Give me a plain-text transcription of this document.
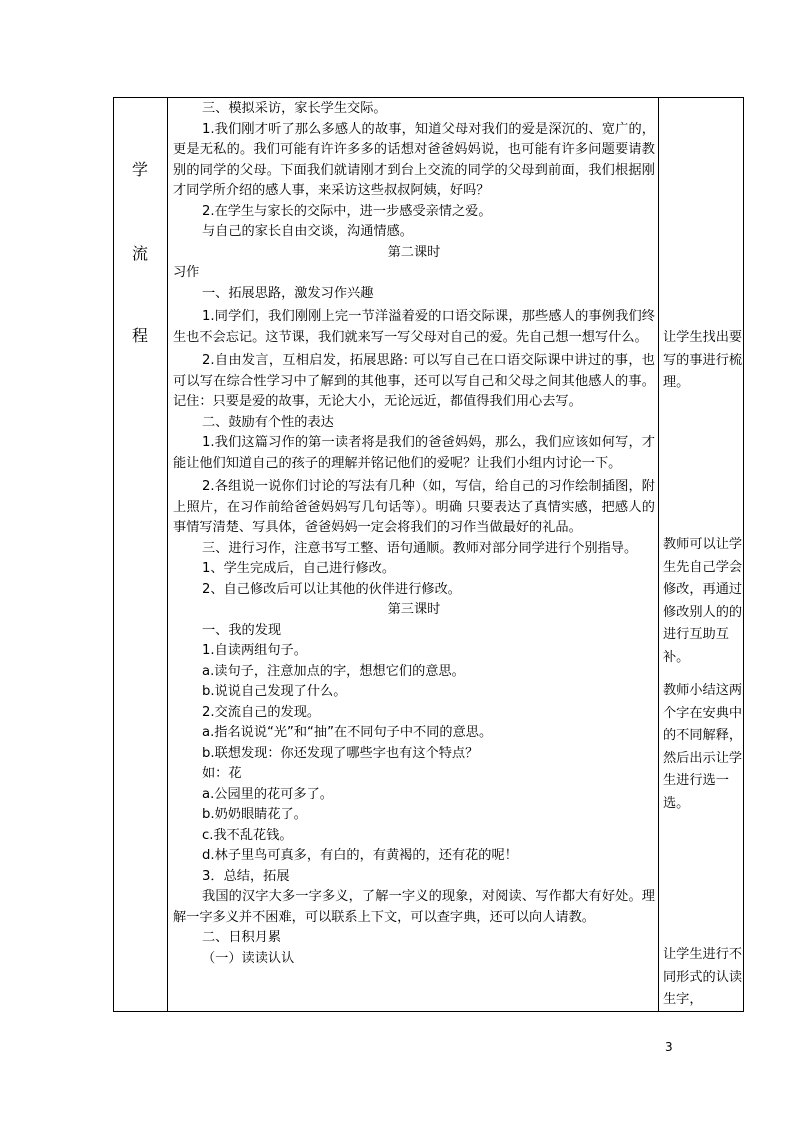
学
流
程

三、模拟采访，家长学生交际。

1.我们刚才听了那么多感人的故事，知道父母对我们的爱是深沉的、宽广的，更是无私的。我们可能有许许多多的话想对爸爸妈妈说，也可能有许多问题要请教别的同学的父母。下面我们就请刚才到台上交流的同学的父母到前面，我们根据刚才同学所介绍的感人事，来采访这些叔叔阿姨，好吗？

2.在学生与家长的交际中，进一步感受亲情之爱。

与自己的家长自由交谈，沟通情感。

第二课时

习作

一、拓展思路，激发习作兴趣

1.同学们，我们刚刚上完一节洋溢着爱的口语交际课，那些感人的事例我们终生也不会忘记。这节课，我们就来写一写父母对自己的爱。先自己想一想写什么。

2.自由发言，互相启发，拓展思路: 可以写自己在口语交际课中讲过的事，也可以写在综合性学习中了解到的其他事，还可以写自己和父母之间其他感人的事。记住：只要是爱的故事，无论大小，无论远近，都值得我们用心去写。

二、鼓励有个性的表达

1.我们这篇习作的第一读者将是我们的爸爸妈妈，那么，我们应该如何写，才能让他们知道自己的孩子的理解并铭记他们的爱呢？让我们小组内讨论一下。

2.各组说一说你们讨论的写法有几种（如，写信，给自己的习作绘制插图，附上照片，在习作前给爸爸妈妈写几句话等）。明确 只要表达了真情实感，把感人的事情写清楚、写具体，爸爸妈妈一定会将我们的习作当做最好的礼品。

三、进行习作，注意书写工整、语句通顺。教师对部分同学进行个别指导。

1、学生完成后，自己进行修改。

2、自己修改后可以让其他的伙伴进行修改。

第三课时

一、我的发现

1.自读两组句子。

a.读句子，注意加点的字，想想它们的意思。

b.说说自己发现了什么。

2.交流自己的发现。

a.指名说说“光”和“抽”在不同句子中不同的意思。

b.联想发现：你还发现了哪些字也有这个特点？

如：花

a.公园里的花可多了。

b.奶奶眼睛花了。

c.我不乱花钱。

d.林子里鸟可真多，有白的，有黄褐的，还有花的呢！

3．总结，拓展

我国的汉字大多一字多义，了解一字义的现象，对阅读、写作都大有好处。理解一字多义并不困难，可以联系上下文，可以查字典，还可以向人请教。

二、日积月累

（一）读读认认

让学生找出要写的事进行梳理。
教师可以让学生先自己学会修改，再通过修改别人的的进行互助互补。
教师小结这两个字在安典中的不同解释，然后出示让学生进行选一选。
让学生进行不同形式的认读生字，
3
